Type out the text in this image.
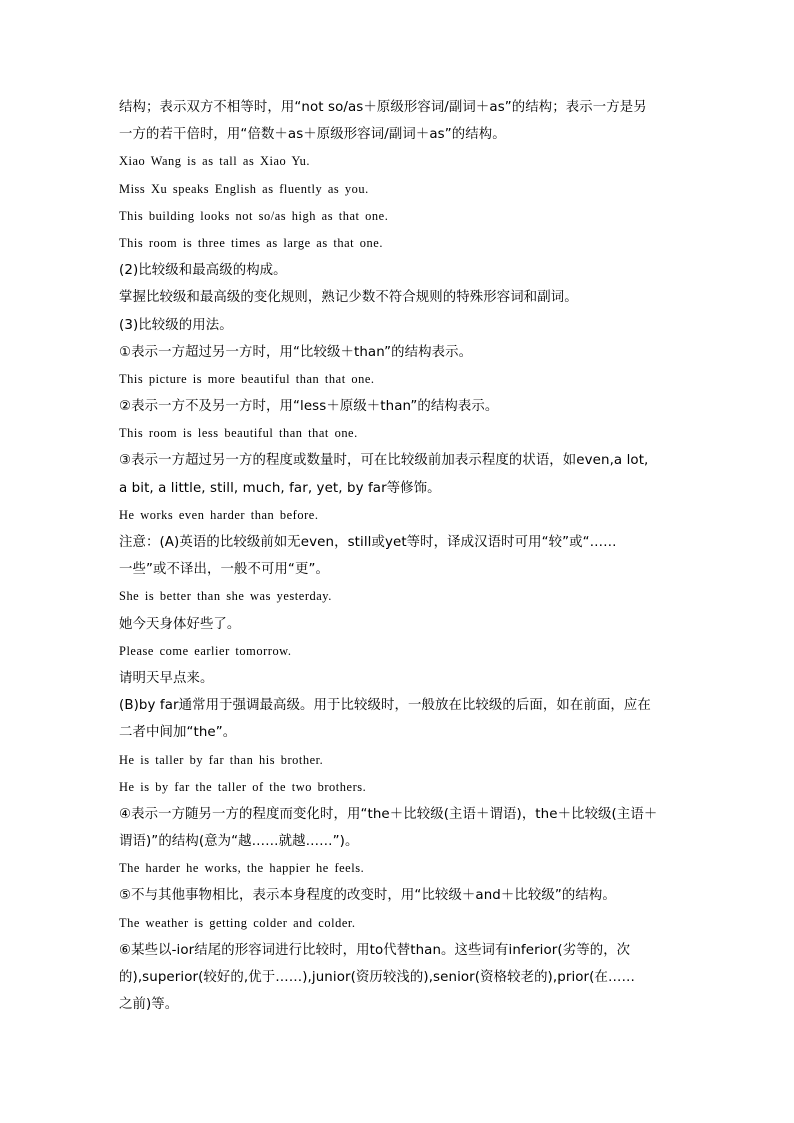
结构；表示双方不相等时，用“not so/as＋原级形容词/副词＋as”的结构；表示一方是另
一方的若干倍时，用“倍数＋as＋原级形容词/副词＋as”的结构。
Xiao Wang is as tall as Xiao Yu.
Miss Xu speaks English as fluently as you.
This building looks not so/as high as that one.
This room is three times as large as that one.
(2)比较级和最高级的构成。
掌握比较级和最高级的变化规则，熟记少数不符合规则的特殊形容词和副词。
(3)比较级的用法。
①表示一方超过另一方时，用“比较级＋than”的结构表示。
This picture is more beautiful than that one.
②表示一方不及另一方时，用“less＋原级＋than”的结构表示。
This room is less beautiful than that one.
③表示一方超过另一方的程度或数量时，可在比较级前加表示程度的状语，如even,a lot,
a bit, a little, still, much, far, yet, by far等修饰。
He works even harder than before.
注意：(A)英语的比较级前如无even，still或yet等时，译成汉语时可用“较”或“……
一些”或不译出，一般不可用“更”。
She is better than she was yesterday.
她今天身体好些了。
Please come earlier tomorrow.
请明天早点来。
(B)by far通常用于强调最高级。用于比较级时，一般放在比较级的后面，如在前面，应在
二者中间加“the”。
He is taller by far than his brother.
He is by far the taller of the two brothers.
④表示一方随另一方的程度而变化时，用“the＋比较级(主语＋谓语)，the＋比较级(主语＋
谓语)”的结构(意为“越……就越……”)。
The harder he works, the happier he feels.
⑤不与其他事物相比，表示本身程度的改变时，用“比较级＋and＋比较级”的结构。
The weather is getting colder and colder.
⑥某些以-ior结尾的形容词进行比较时，用to代替than。这些词有inferior(劣等的，次
的),superior(较好的,优于……),junior(资历较浅的),senior(资格较老的),prior(在……
之前)等。
